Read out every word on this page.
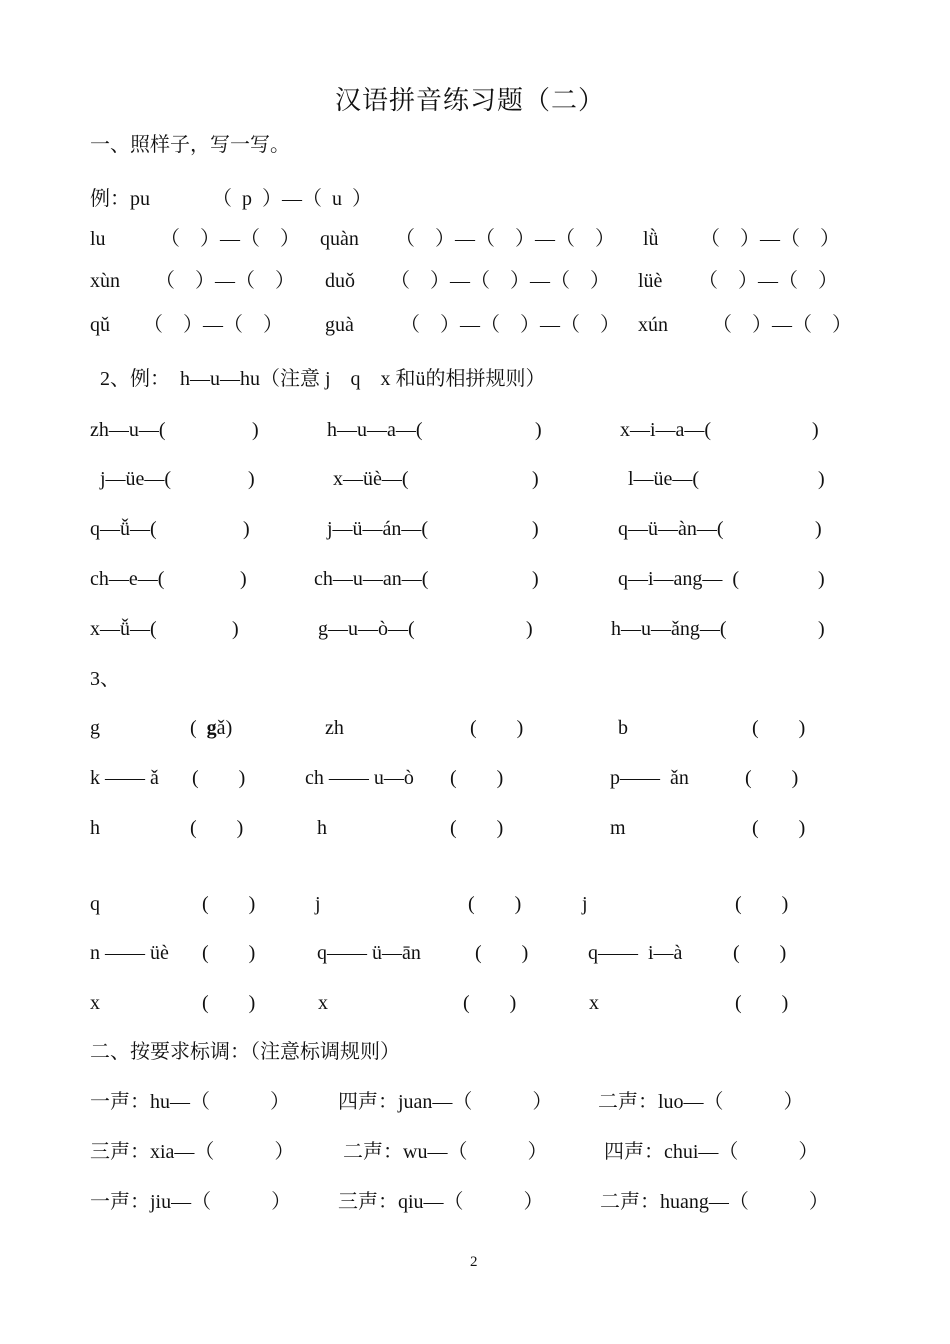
汉语拼音练习题（二）
一、照样子，写一写。
例：pu	（  p  ）—（  u  ）
lu	（    ）—（    ） quàn （    ）—（    ）—（    ） lǜ （    ）—（    ）
xùn （    ）—（    ） duǒ （    ）—（    ）—（    ） lüè （    ）—（    ）
qǔ （    ）—（    ） guà （    ）—（    ）—（    ） xún （    ）—（    ）
2、例：  h—u—hu（注意 j    q    x 和ü的相拼规则）
zh—u—(	)	h—u—a—(	)	x—i—a—(	)
j—üe—(	)	x—üè—(	)	l—üe—(	)
q—ǚ—(	)	j—ü—án—(	)	q—ü—àn—(	)
ch—e—(	)	ch—u—an—(	)	q—i—ang—  (	)
x—ǚ—(	)	g—u—ò—(	)	h—u—ǎng—(	)
3、
g	(  gǎ)	zh	(        )	b	(        )
k —— ǎ (        )	ch —— u—ò (        )	p——  ǎn	(        )
h	(        )	h	(        )	m	(        )
q	(        )	j	(        )	j	(        )
n —— üè (        )	q—— ü—ān	(        )	q——  i—à	(        )
x	(        )	x	(        )	x	(        )
二、按要求标调：（注意标调规则）
一声：hu—（            ） 四声：juan—（            ） 二声：luo—（            ）
三声：xia—（            ） 二声：wu—（            ）	四声：chui—（            ）
一声：jiu—（            ） 三声：qiu—（            ）	二声：huang—（            ）
2
